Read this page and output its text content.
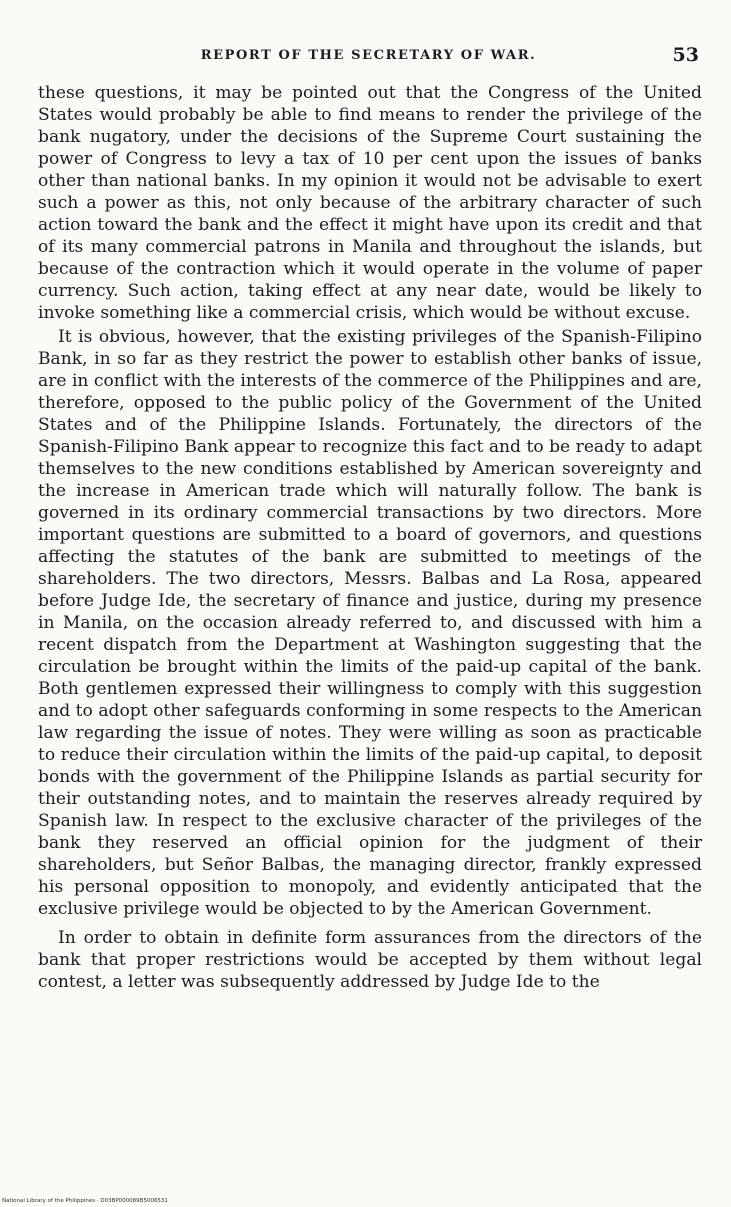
REPORT OF THE SECRETARY OF WAR.	53

these questions, it may be pointed out that the Congress of the United States would probably be able to find means to render the privilege of the bank nugatory, under the decisions of the Supreme Court sustaining the power of Congress to levy a tax of 10 per cent upon the issues of banks other than national banks. In my opinion it would not be advisable to exert such a power as this, not only because of the arbitrary character of such action toward the bank and the effect it might have upon its credit and that of its many commercial patrons in Manila and throughout the islands, but because of the contraction which it would operate in the volume of paper currency. Such action, taking effect at any near date, would be likely to invoke something like a commercial crisis, which would be without excuse.

It is obvious, however, that the existing privileges of the Spanish-Filipino Bank, in so far as they restrict the power to establish other banks of issue, are in conflict with the interests of the commerce of the Philippines and are, therefore, opposed to the public policy of the Government of the United States and of the Philippine Islands. Fortunately, the directors of the Spanish-Filipino Bank appear to recognize this fact and to be ready to adapt themselves to the new conditions established by American sovereignty and the increase in American trade which will naturally follow. The bank is governed in its ordinary commercial transactions by two directors. More important questions are submitted to a board of governors, and questions affecting the statutes of the bank are submitted to meetings of the shareholders. The two directors, Messrs. Balbas and La Rosa, appeared before Judge Ide, the secretary of finance and justice, during my presence in Manila, on the occasion already referred to, and discussed with him a recent dispatch from the Department at Washington suggesting that the circulation be brought within the limits of the paid-up capital of the bank. Both gentlemen expressed their willingness to comply with this suggestion and to adopt other safeguards conforming in some respects to the American law regarding the issue of notes. They were willing as soon as practicable to reduce their circulation within the limits of the paid-up capital, to deposit bonds with the government of the Philippine Islands as partial security for their outstanding notes, and to maintain the reserves already required by Spanish law. In respect to the exclusive character of the privileges of the bank they reserved an official opinion for the judgment of their shareholders, but Señor Balbas, the managing director, frankly expressed his personal opposition to monopoly, and evidently anticipated that the exclusive privilege would be objected to by the American Government.

In order to obtain in definite form assurances from the directors of the bank that proper restrictions would be accepted by them without legal contest, a letter was subsequently addressed by Judge Ide to the

National Library of the Philippines · D03BP000089B5006531
